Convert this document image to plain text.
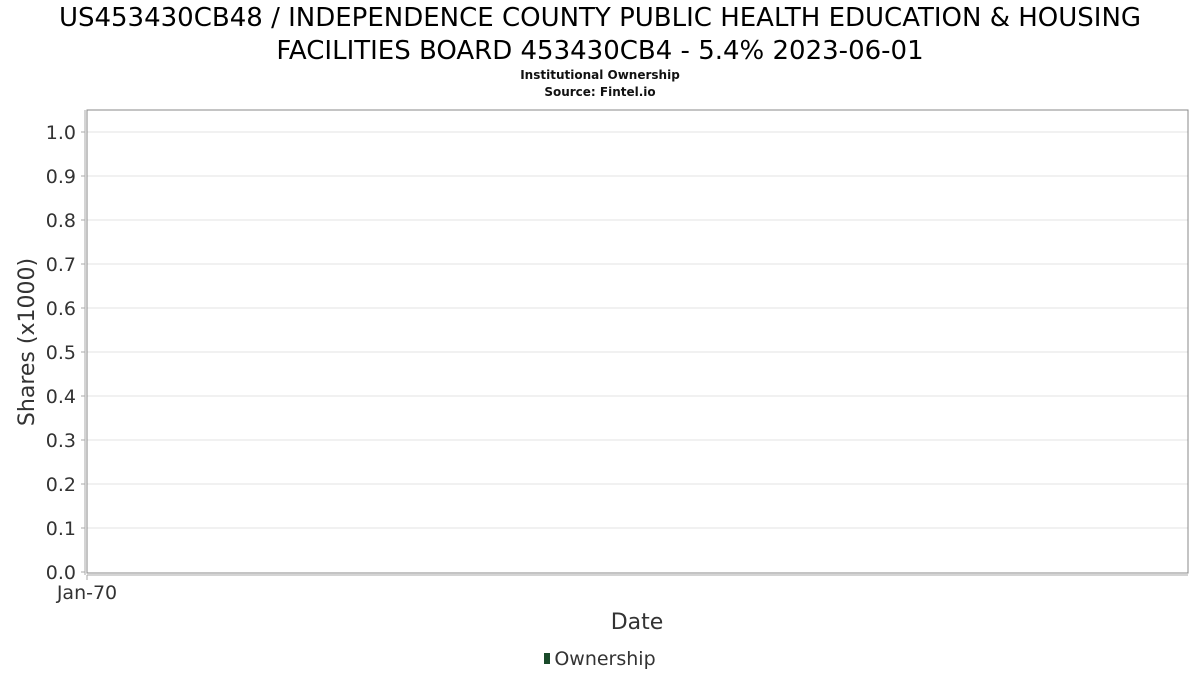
US453430CB48 / INDEPENDENCE COUNTY PUBLIC HEALTH EDUCATION & HOUSING
FACILITIES BOARD 453430CB4 - 5.4% 2023-06-01
Institutional Ownership
Source: Fintel.io
0.0
0.1
0.2
0.3
0.4
0.5
0.6
0.7
0.8
0.9
1.0
Jan-70
Date
Shares (x1000)
Ownership
